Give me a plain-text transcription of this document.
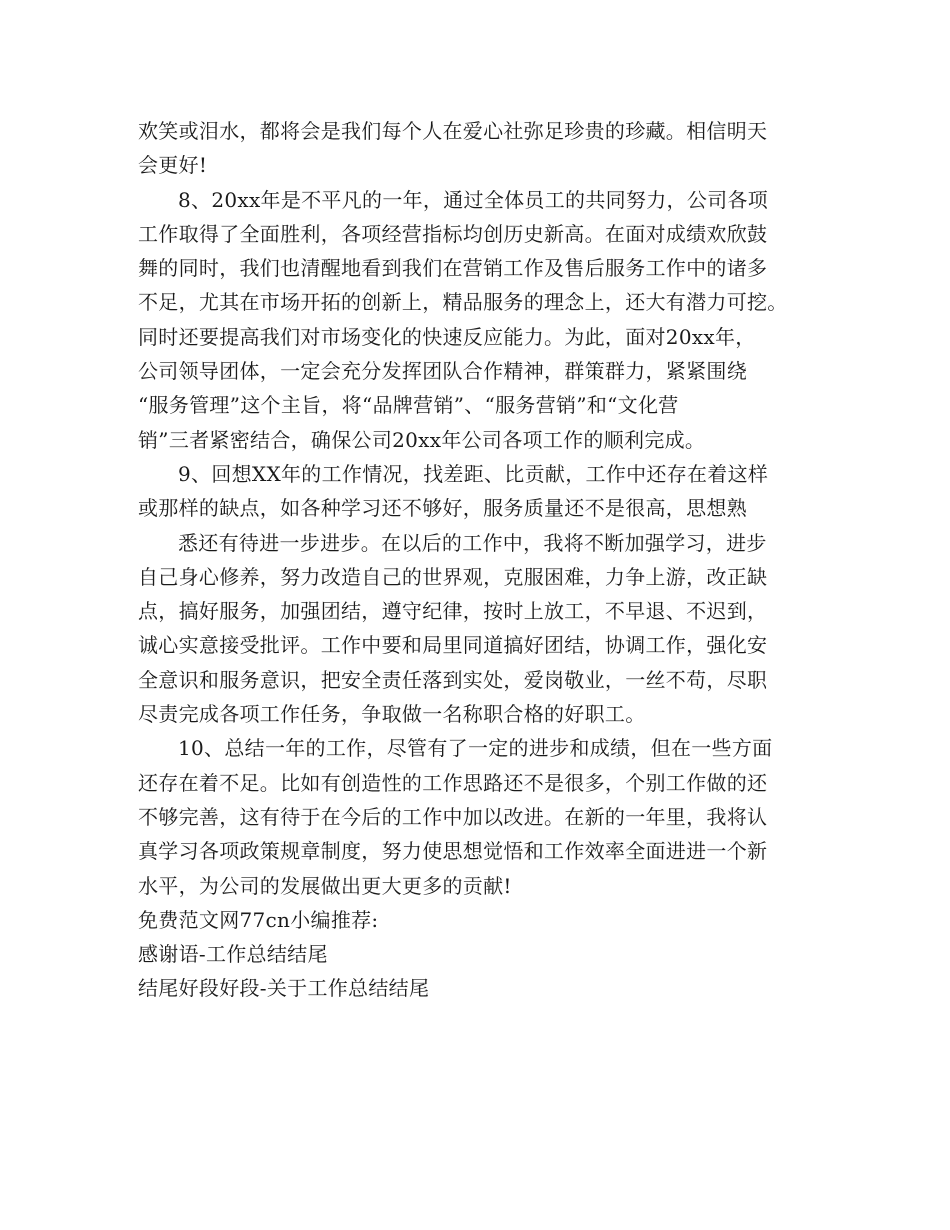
欢笑或泪水，都将会是我们每个人在爱心社弥足珍贵的珍藏。相信明天
会更好!
8、20xx年是不平凡的一年，通过全体员工的共同努力，公司各项
工作取得了全面胜利，各项经营指标均创历史新高。在面对成绩欢欣鼓
舞的同时，我们也清醒地看到我们在营销工作及售后服务工作中的诸多
不足，尤其在市场开拓的创新上，精品服务的理念上，还大有潜力可挖。
同时还要提高我们对市场变化的快速反应能力。为此，面对20xx年，
公司领导团体，一定会充分发挥团队合作精神，群策群力，紧紧围绕
“服务管理”这个主旨，将“品牌营销”、“服务营销”和“文化营
销”三者紧密结合，确保公司20xx年公司各项工作的顺利完成。
9、回想XX年的工作情况，找差距、比贡献，工作中还存在着这样
或那样的缺点，如各种学习还不够好，服务质量还不是很高，思想熟
悉还有待进一步进步。在以后的工作中，我将不断加强学习，进步
自己身心修养，努力改造自己的世界观，克服困难，力争上游，改正缺
点，搞好服务，加强团结，遵守纪律，按时上放工，不早退、不迟到，
诚心实意接受批评。工作中要和局里同道搞好团结，协调工作，强化安
全意识和服务意识，把安全责任落到实处，爱岗敬业，一丝不苟，尽职
尽责完成各项工作任务，争取做一名称职合格的好职工。
10、总结一年的工作，尽管有了一定的进步和成绩，但在一些方面
还存在着不足。比如有创造性的工作思路还不是很多，个别工作做的还
不够完善，这有待于在今后的工作中加以改进。在新的一年里，我将认
真学习各项政策规章制度，努力使思想觉悟和工作效率全面进进一个新
水平，为公司的发展做出更大更多的贡献!
免费范文网77cn小编推荐:
感谢语-工作总结结尾
结尾好段好段-关于工作总结结尾
